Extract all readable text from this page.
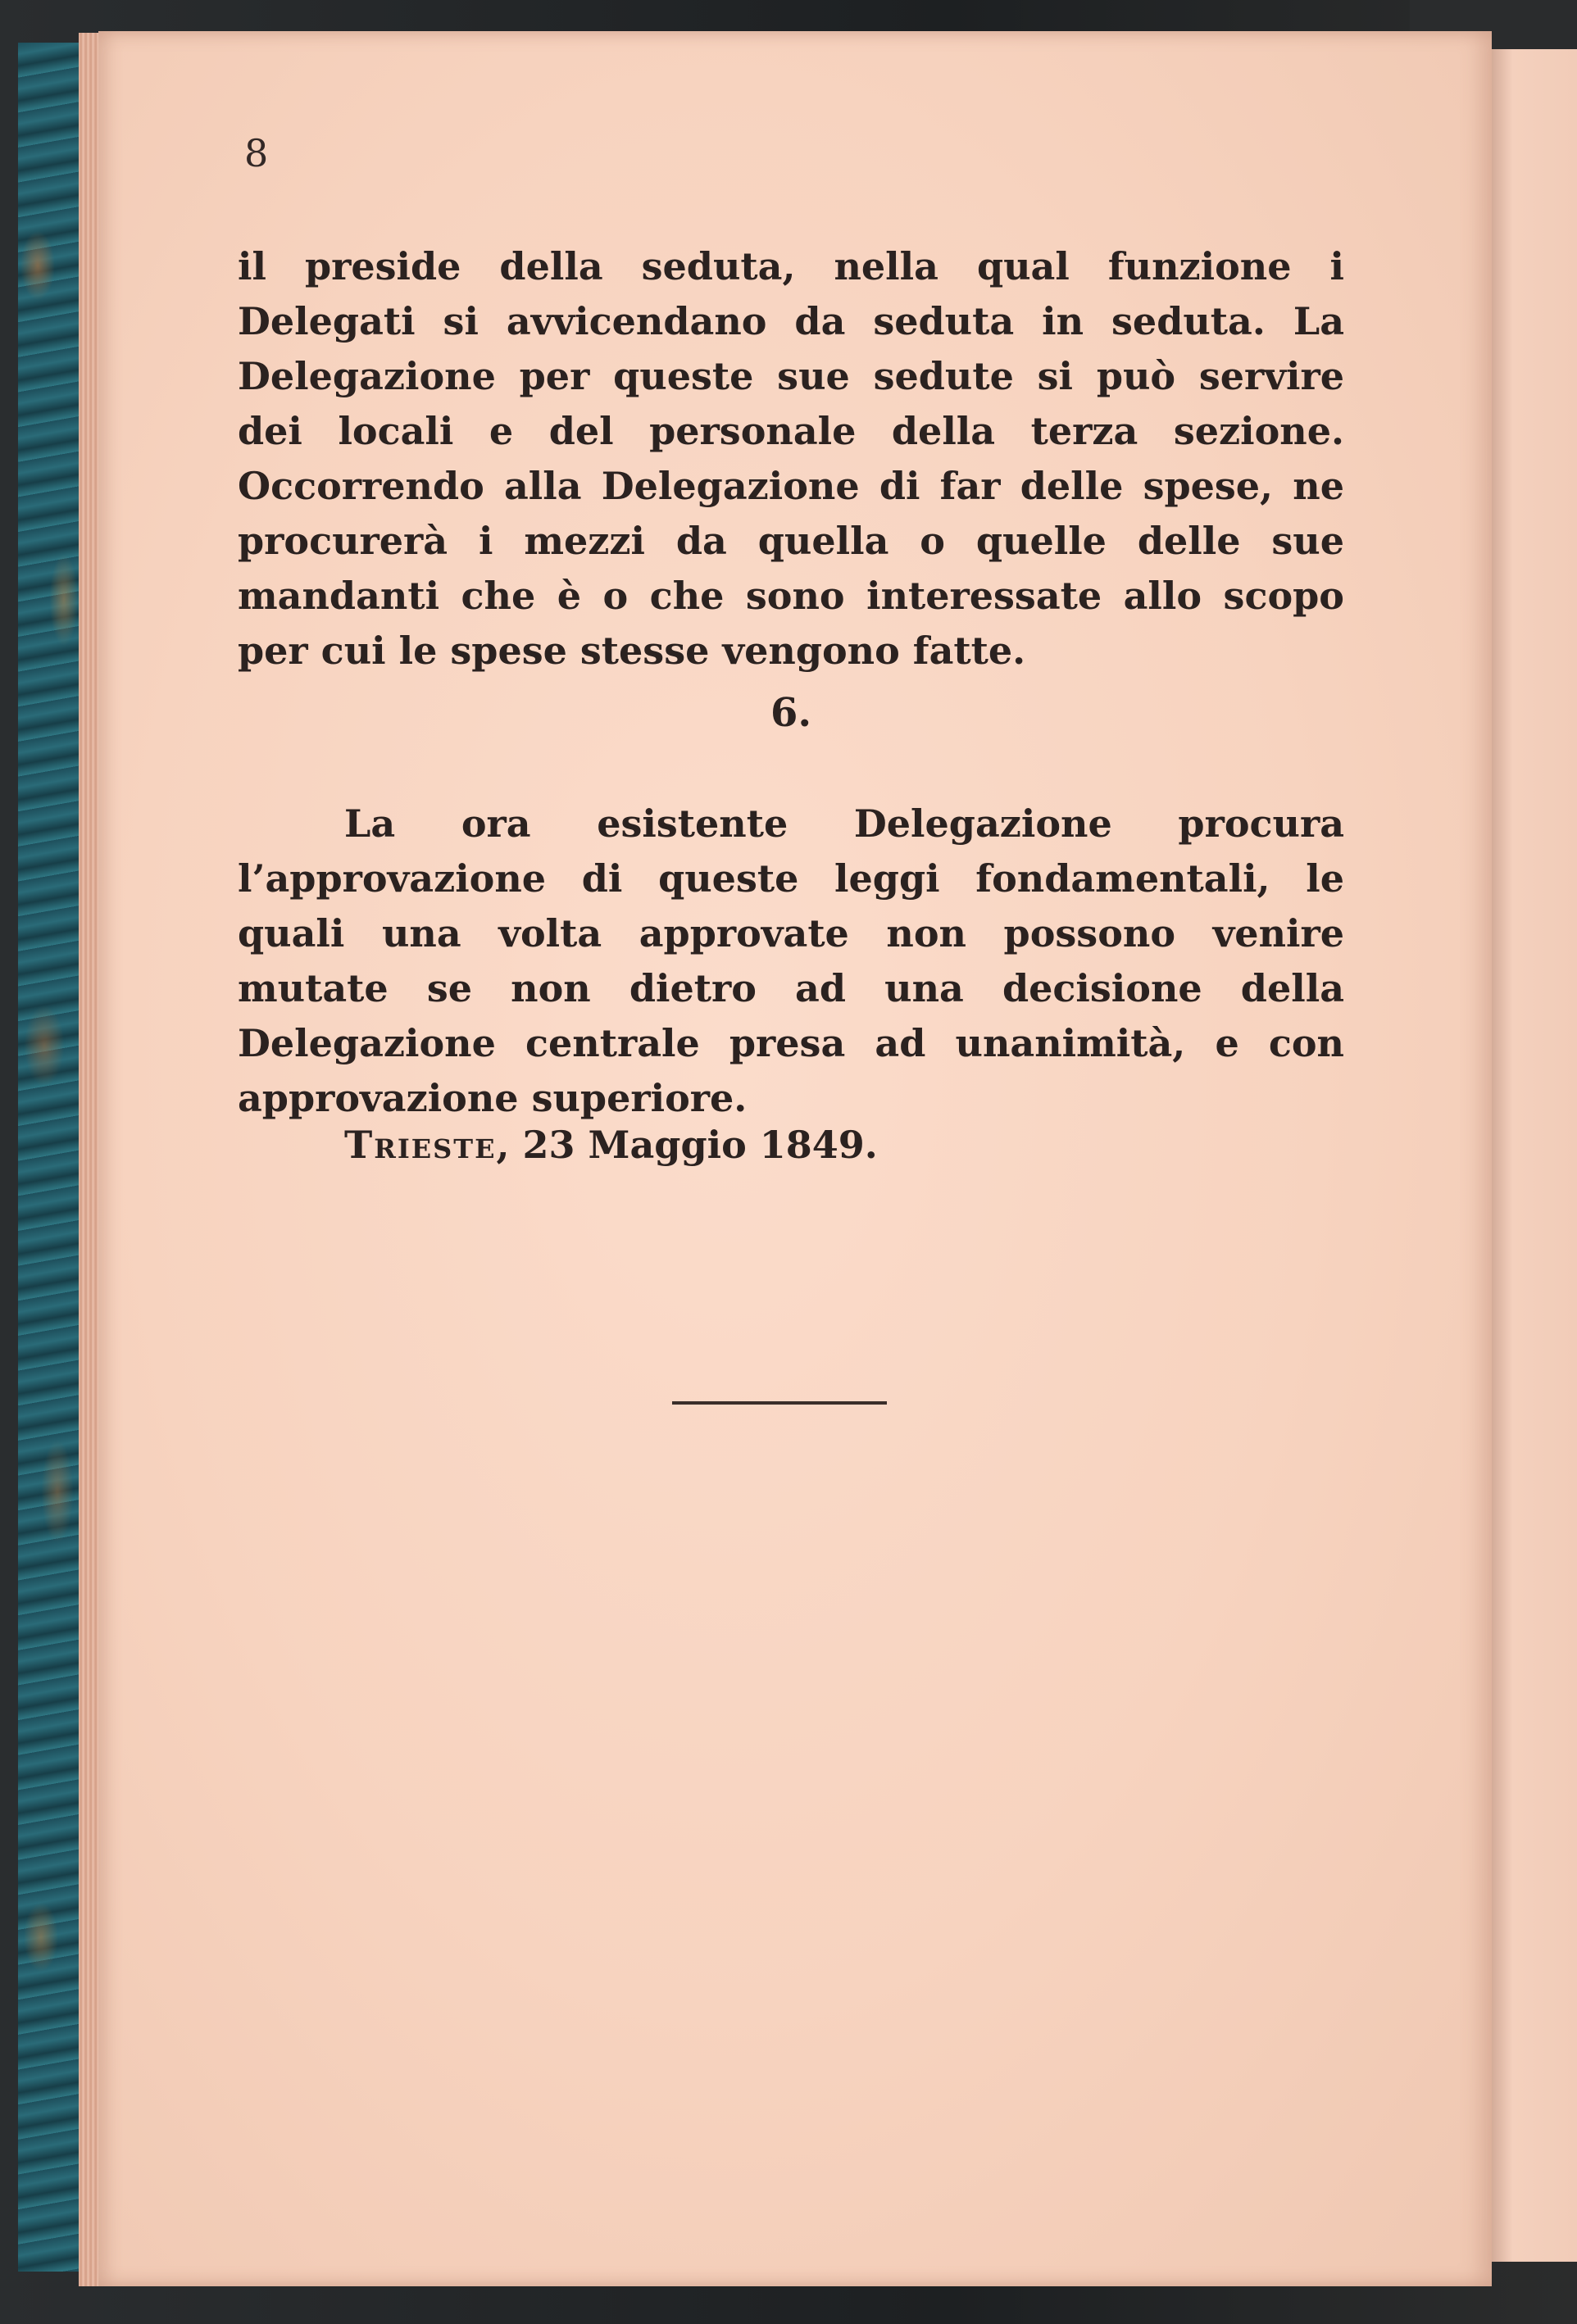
8

il preside della seduta, nella qual funzione i Delegati si avvicendano da seduta in seduta. La Delegazione per queste sue sedute si può servire dei locali e del personale della terza sezione. Occorrendo alla Delegazione di far delle spese, ne procurerà i mezzi da quella o quelle delle sue mandanti che è o che sono interessate allo scopo per cui le spese stesse vengono fatte.

6.

La ora esistente Delegazione procura l’approvazione di queste leggi fondamentali, le quali una volta approvate non possono venire mutate se non dietro ad una decisione della Delegazione centrale presa ad unanimità, e con approvazione superiore.

Trieste, 23 Maggio 1849.
